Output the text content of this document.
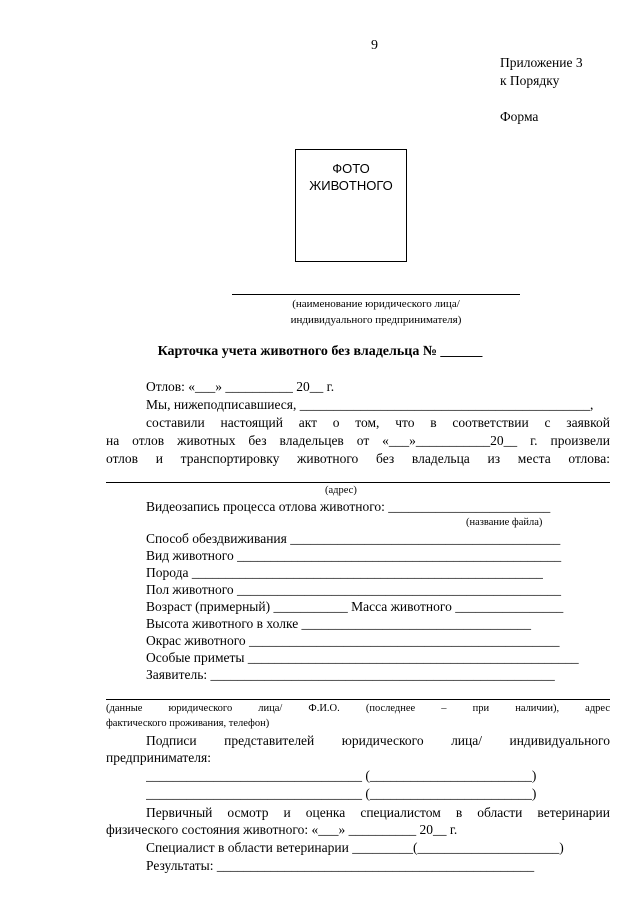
9
Приложение 3
к Порядку
Форма
ФОТО
ЖИВОТНОГО
(наименование юридического лица/
индивидуального предпринимателя)
Карточка учета животного без владельца № ______
Отлов: «___» __________ 20__ г.
Мы, нижеподписавшиеся, ___________________________________________,
составили настоящий акт о том, что в соответствии с заявкой
на отлов животных без владельцев от «___»___________20__ г. произвели
отлов и транспортировку животного без владельца из места отлова:
(адрес)
Видеозапись процесса отлова животного: ________________________
(название файла)
Способ обездвиживания ________________________________________
Вид животного ________________________________________________
Порода ____________________________________________________
Пол животного ________________________________________________
Возраст (примерный) ___________ Масса животного ________________
Высота животного в холке __________________________________
Окрас животного ______________________________________________
Особые приметы _________________________________________________
Заявитель: ___________________________________________________
(данные юридического лица/ Ф.И.О. (последнее – при наличии), адрес
фактического проживания, телефон)
Подписи представителей юридического лица/ индивидуального
предпринимателя:
________________________________ (________________________)
________________________________ (________________________)
Первичный осмотр и оценка специалистом в области ветеринарии
физического состояния животного: «___» __________ 20__ г.
Специалист в области ветеринарии _________(_____________________)
Результаты: _______________________________________________
